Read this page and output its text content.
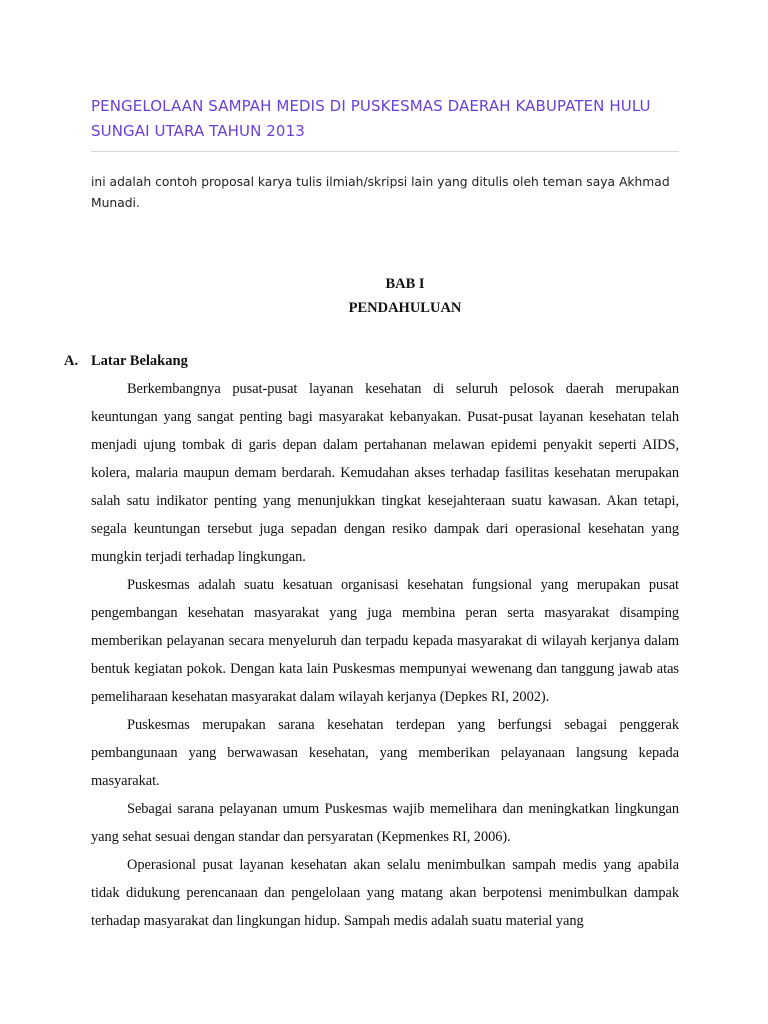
PENGELOLAAN SAMPAH MEDIS DI PUSKESMAS DAERAH KABUPATEN HULU SUNGAI UTARA TAHUN 2013

ini adalah contoh proposal karya tulis ilmiah/skripsi lain yang ditulis oleh teman saya Akhmad Munadi.

BAB I

PENDAHULUAN

A. Latar Belakang

Berkembangnya pusat-pusat layanan kesehatan di seluruh pelosok daerah merupakan keuntungan yang sangat penting bagi masyarakat kebanyakan. Pusat-pusat layanan kesehatan telah menjadi ujung tombak di garis depan dalam pertahanan melawan epidemi penyakit seperti AIDS, kolera, malaria maupun demam berdarah. Kemudahan akses terhadap fasilitas kesehatan merupakan salah satu indikator penting yang menunjukkan tingkat kesejahteraan suatu kawasan. Akan tetapi, segala keuntungan tersebut juga sepadan dengan resiko dampak dari operasional kesehatan yang mungkin terjadi terhadap lingkungan.

Puskesmas adalah suatu kesatuan organisasi kesehatan fungsional yang merupakan pusat pengembangan kesehatan masyarakat yang juga membina peran serta masyarakat disamping memberikan pelayanan secara menyeluruh dan terpadu kepada masyarakat di wilayah kerjanya dalam bentuk kegiatan pokok. Dengan kata lain Puskesmas mempunyai wewenang dan tanggung jawab atas pemeliharaan kesehatan masyarakat dalam wilayah kerjanya (Depkes RI, 2002).

Puskesmas merupakan sarana kesehatan terdepan yang berfungsi sebagai penggerak pembangunaan yang berwawasan kesehatan, yang memberikan pelayanaan langsung kepada masyarakat.

Sebagai sarana pelayanan umum Puskesmas wajib memelihara dan meningkatkan lingkungan yang sehat sesuai dengan standar dan persyaratan (Kepmenkes RI, 2006).

Operasional pusat layanan kesehatan akan selalu menimbulkan sampah medis yang apabila tidak didukung perencanaan dan pengelolaan yang matang akan berpotensi menimbulkan dampak terhadap masyarakat dan lingkungan hidup. Sampah medis adalah suatu material yang
